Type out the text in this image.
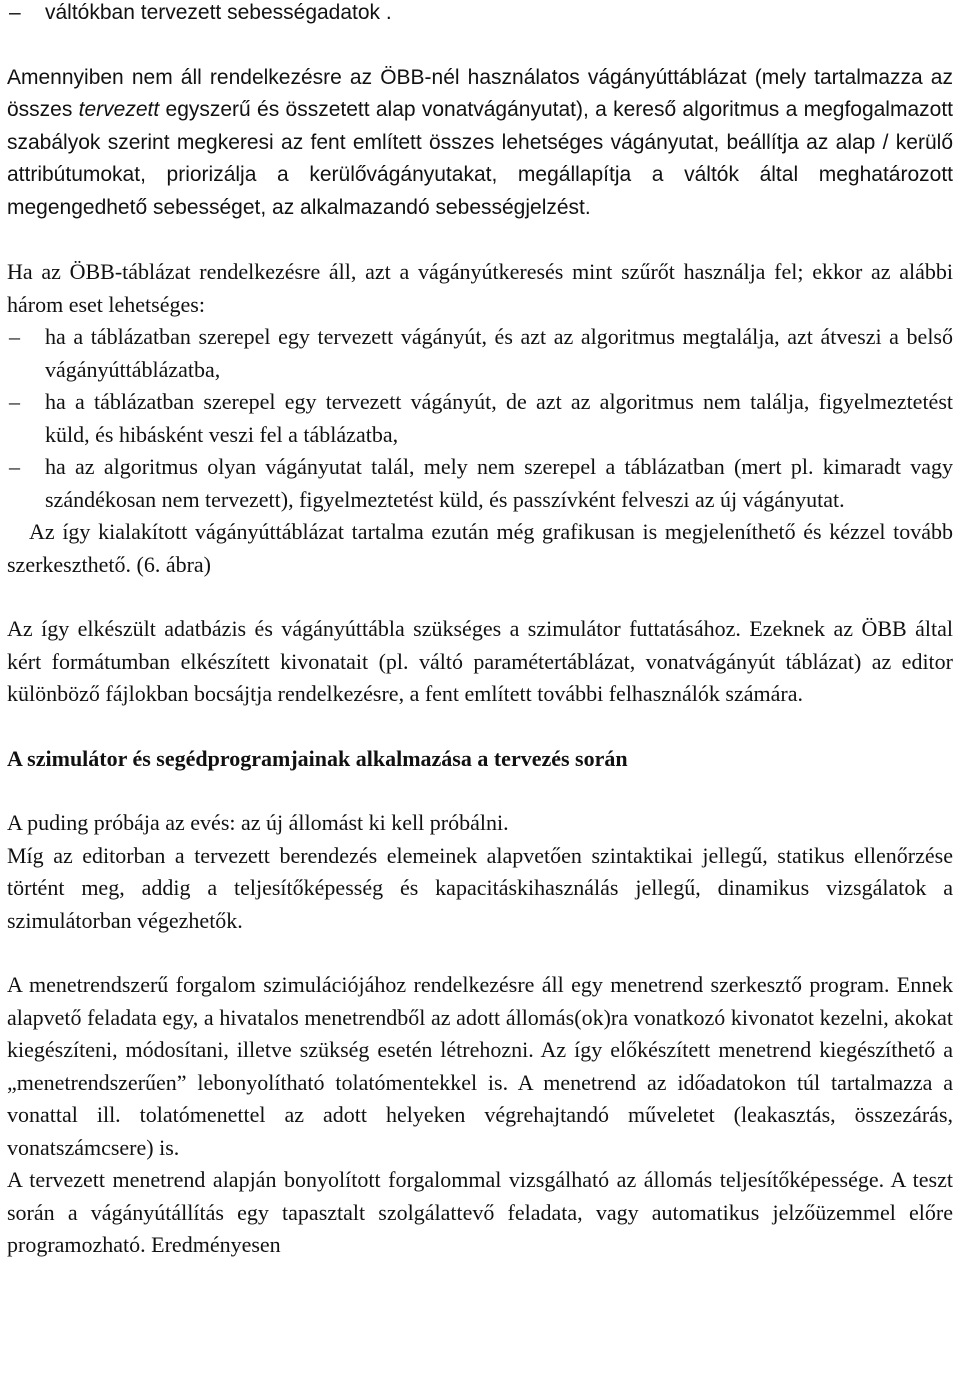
– váltókban tervezett sebességadatok .

Amennyiben nem áll rendelkezésre az ÖBB-nél használatos vágányúttáblázat (mely tartalmazza az összes tervezett egyszerű és összetett alap vonatvágányutat), a kereső algoritmus a megfogalmazott szabályok szerint megkeresi az fent említett összes lehetséges vágányutat, beállítja az alap / kerülő attribútumokat, priorizálja a kerülővágányutakat, megállapítja a váltók által meghatározott megengedhető sebességet, az alkalmazandó sebességjelzést.

Ha az ÖBB-táblázat rendelkezésre áll, azt a vágányútkeresés mint szűrőt használja fel; ekkor az alábbi három eset lehetséges:

– ha a táblázatban szerepel egy tervezett vágányút, és azt az algoritmus megtalálja, azt átveszi a belső vágányúttáblázatba,

– ha a táblázatban szerepel egy tervezett vágányút, de azt az algoritmus nem találja, figyelmeztetést küld, és hibásként veszi fel a táblázatba,

– ha az algoritmus olyan vágányutat talál, mely nem szerepel a táblázatban (mert pl. kimaradt vagy szándékosan nem tervezett), figyelmeztetést küld, és passzívként felveszi az új vágányutat.

Az így kialakított vágányúttáblázat tartalma ezután még grafikusan is megjeleníthető és kézzel tovább szerkeszthető. (6. ábra)

Az így elkészült adatbázis és vágányúttábla szükséges a szimulátor futtatásához. Ezeknek az ÖBB által kért formátumban elkészített kivonatait (pl. váltó paramétertáblázat, vonatvágányút táblázat) az editor különböző fájlokban bocsájtja rendelkezésre, a fent említett további felhasználók számára.

A szimulátor és segédprogramjainak alkalmazása a tervezés során

A puding próbája az evés: az új állomást ki kell próbálni.

Míg az editorban a tervezett berendezés elemeinek alapvetően szintaktikai jellegű, statikus ellenőrzése történt meg, addig a teljesítőképesség és kapacitáskihasználás jellegű, dinamikus vizsgálatok a szimulátorban végezhetők.

A menetrendszerű forgalom szimulációjához rendelkezésre áll egy menetrend szerkesztő program. Ennek alapvető feladata egy, a hivatalos menetrendből az adott állomás(ok)ra vonatkozó kivonatot kezelni, akokat kiegészíteni, módosítani, illetve szükség esetén létrehozni. Az így előkészített menetrend kiegészíthető a „menetrendszerűen” lebonyolítható tolatómentekkel is. A menetrend az időadatokon túl tartalmazza a vonattal ill. tolatómenettel az adott helyeken végrehajtandó műveletet (leakasztás, összezárás, vonatszámcsere) is.

A tervezett menetrend alapján bonyolított forgalommal vizsgálható az állomás teljesítőképessége. A teszt során a vágányútállítás egy tapasztalt szolgálattevő feladata, vagy automatikus jelzőüzemmel előre programozható. Eredményesen
